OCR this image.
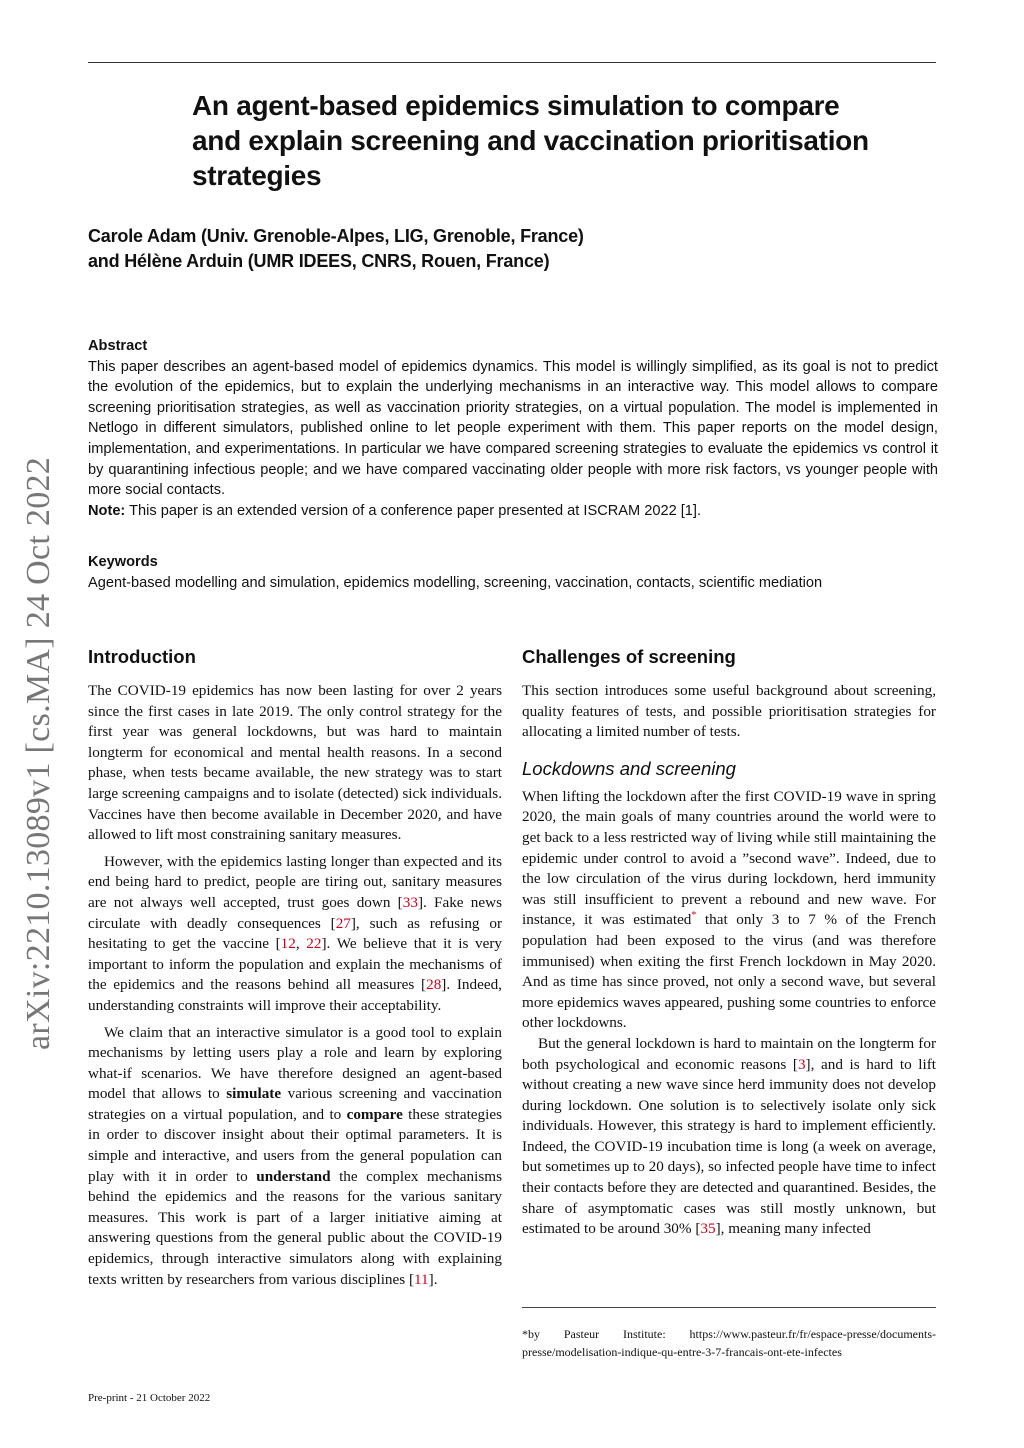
arXiv:2210.13089v1 [cs.MA] 24 Oct 2022
An agent-based epidemics simulation to compare and explain screening and vaccination prioritisation strategies
Carole Adam (Univ. Grenoble-Alpes, LIG, Grenoble, France)
and Hélène Arduin (UMR IDEES, CNRS, Rouen, France)
Abstract
This paper describes an agent-based model of epidemics dynamics. This model is willingly simplified, as its goal is not to predict the evolution of the epidemics, but to explain the underlying mechanisms in an interactive way. This model allows to compare screening prioritisation strategies, as well as vaccination priority strategies, on a virtual population. The model is implemented in Netlogo in different simulators, published online to let people experiment with them. This paper reports on the model design, implementation, and experimentations. In particular we have compared screening strategies to evaluate the epidemics vs control it by quarantining infectious people; and we have compared vaccinating older people with more risk factors, vs younger people with more social contacts.
Note: This paper is an extended version of a conference paper presented at ISCRAM 2022 [1].
Keywords
Agent-based modelling and simulation, epidemics modelling, screening, vaccination, contacts, scientific mediation
Introduction

The COVID-19 epidemics has now been lasting for over 2 years since the first cases in late 2019. The only control strategy for the first year was general lockdowns, but was hard to maintain longterm for economical and mental health reasons. In a second phase, when tests became available, the new strategy was to start large screening campaigns and to isolate (detected) sick individuals. Vaccines have then become available in December 2020, and have allowed to lift most constraining sanitary measures.

However, with the epidemics lasting longer than expected and its end being hard to predict, people are tiring out, sanitary measures are not always well accepted, trust goes down [33]. Fake news circulate with deadly consequences [27], such as refusing or hesitating to get the vaccine [12, 22]. We believe that it is very important to inform the population and explain the mechanisms of the epidemics and the reasons behind all measures [28]. Indeed, understanding constraints will improve their acceptability.

We claim that an interactive simulator is a good tool to explain mechanisms by letting users play a role and learn by exploring what-if scenarios. We have therefore designed an agent-based model that allows to simulate various screening and vaccination strategies on a virtual population, and to compare these strategies in order to discover insight about their optimal parameters. It is simple and interactive, and users from the general population can play with it in order to understand the complex mechanisms behind the epidemics and the reasons for the various sanitary measures. This work is part of a larger initiative aiming at answering questions from the general public about the COVID-19 epidemics, through interactive simulators along with explaining texts written by researchers from various disciplines [11].

Challenges of screening

This section introduces some useful background about screening, quality features of tests, and possible prioritisation strategies for allocating a limited number of tests.

Lockdowns and screening

When lifting the lockdown after the first COVID-19 wave in spring 2020, the main goals of many countries around the world were to get back to a less restricted way of living while still maintaining the epidemic under control to avoid a ”second wave”. Indeed, due to the low circulation of the virus during lockdown, herd immunity was still insufficient to prevent a rebound and new wave. For instance, it was estimated* that only 3 to 7 % of the French population had been exposed to the virus (and was therefore immunised) when exiting the first French lockdown in May 2020. And as time has since proved, not only a second wave, but several more epidemics waves appeared, pushing some countries to enforce other lockdowns.

But the general lockdown is hard to maintain on the longterm for both psychological and economic reasons [3], and is hard to lift without creating a new wave since herd immunity does not develop during lockdown. One solution is to selectively isolate only sick individuals. However, this strategy is hard to implement efficiently. Indeed, the COVID-19 incubation time is long (a week on average, but sometimes up to 20 days), so infected people have time to infect their contacts before they are detected and quarantined. Besides, the share of asymptomatic cases was still mostly unknown, but estimated to be around 30% [35], meaning many infected

*by Pasteur Institute: https://www.pasteur.fr/fr/espace-presse/documents-presse/modelisation-indique-qu-entre-3-7-francais-ont-ete-infectes
Pre-print - 21 October 2022
